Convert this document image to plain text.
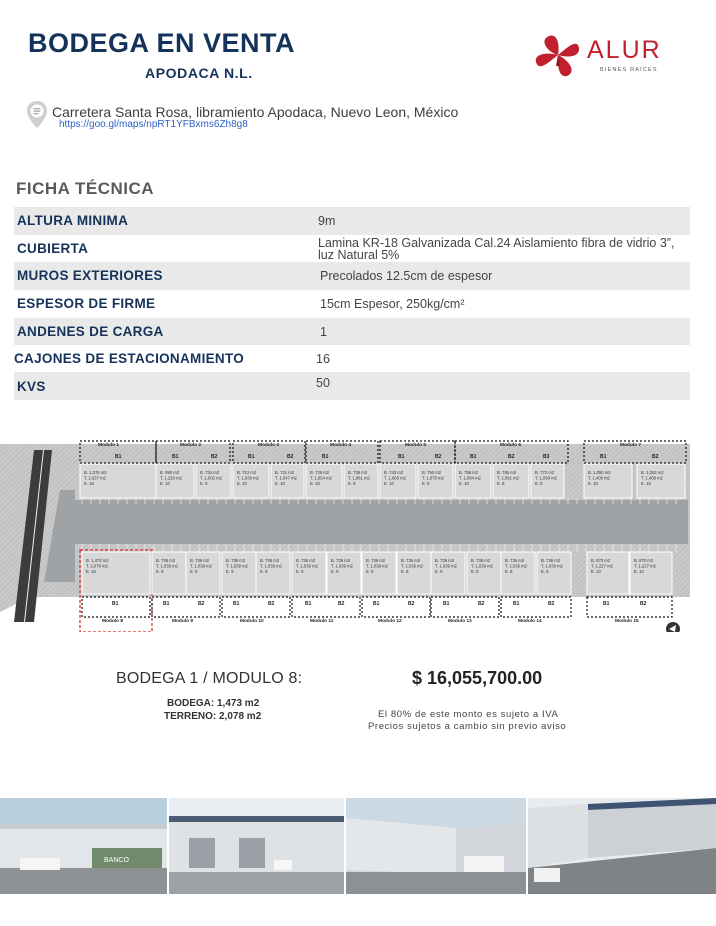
BODEGA EN VENTA
APODACA N.L.
ALUR
BIENES RAÍCES
Carretera Santa Rosa, libramiento Apodaca, Nuevo Leon, México
https://goo.gl/maps/npRT1YFBxms6Zh8g8
FICHA TÉCNICA
ALTURA MINIMA	9m
CUBIERTA	Lamina KR-18 Galvanizada Cal.24 Aislamiento fibra de vidrio 3”, luz Natural 5%
MUROS EXTERIORES	Precolados 12.5cm de espesor
ESPESOR DE FIRME	15cm Espesor, 250kg/cm²
ANDENES DE CARGA	1
CAJONES DE ESTACIONAMIENTO	16
KVS	50
B. 1,376 m2
T. 2,037 m2
E. 16
B. 990 m2
T. 1,220 m2
E. 10
B. 734 m2
T. 1,002 m2
E. 9
B. 713 m2
T. 1,039 m2
E. 10
B. 721 m2
T. 1,047 m2
E. 10
B. 728 m2
T. 1,054 m2
E. 10
B. 736 m2
T. 1,061 m2
E. 9
B. 743 m2
T. 1,068 m2
E. 10
B. 750 m2
T. 1,076 m2
E. 9
B. 758 m2
T. 1,084 m2
E. 10
B. 765 m2
T. 1,091 m2
E. 9
B. 772 m2
T. 1,098 m2
E. 9
B. 1,050 m2
T. 1,406 m2
E. 10
B. 1,053 m2
T. 1,409 m2
E. 10
B. 1,473 m2
T. 2,078 m2
E. 16
B. 736 m2
T. 1,039 m2
E. 9
B. 736 m2
T. 1,039 m2
E. 9
B. 736 m2
T. 1,039 m2
E. 9
B. 736 m2
T. 1,039 m2
E. 9
B. 736 m2
T. 1,039 m2
E. 9
B. 736 m2
T. 1,039 m2
E. 9
B. 736 m2
T. 1,039 m2
E. 9
B. 736 m2
T. 1,039 m2
E. 9
B. 736 m2
T. 1,039 m2
E. 9
B. 736 m2
T. 1,039 m2
E. 9
B. 736 m2
T. 1,039 m2
E. 9
B. 736 m2
T. 1,039 m2
E. 9
B. 870 m2
T. 1,227 m2
E. 10
B. 870 m2
T. 1,227 m2
E. 10
Modulo 1	Modulo 2	Modulo 3	Modulo 4	Modulo 5	Modulo 6	Modulo 7
B1	B1	B2	B1	B2	B1	B1	B2	B1	B2	B3	B1	B2
Modulo 8	Modulo 9	Modulo 10	Modulo 11	Modulo 12	Modulo 13	Modulo 14	Modulo 15
B1	B1	B2	B1	B2	B1	B2	B1	B2	B1	B2	B1	B2	B1	B2
BODEGA 1 / MODULO 8:	$ 16,055,700.00
BODEGA: 1,473 m2
TERRENO: 2,078 m2	El 80% de este monto es sujeto a IVA
Precios sujetos a cambio sin previo aviso
BANCO
